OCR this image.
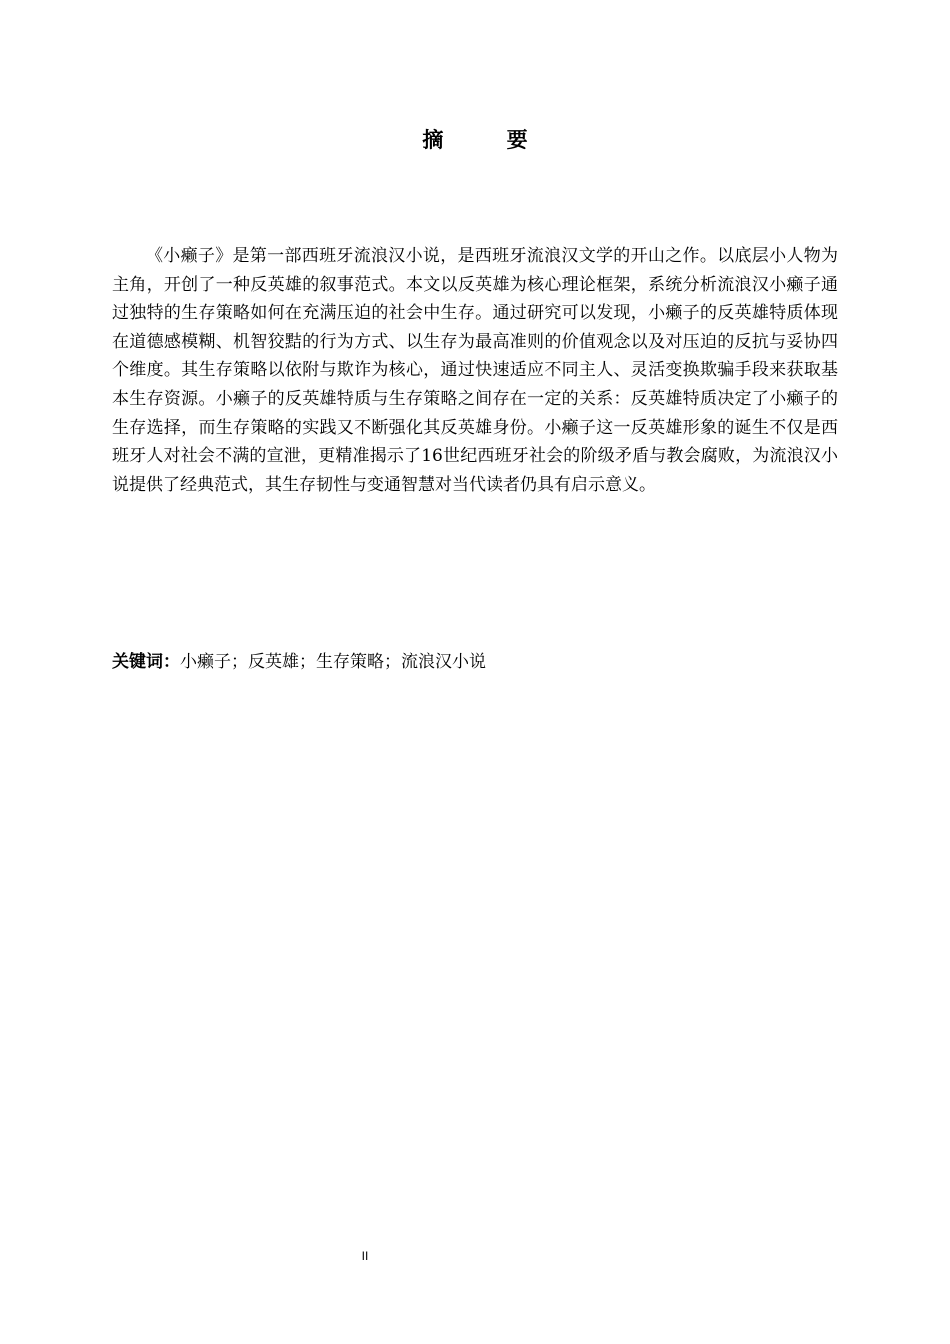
摘 要

《小癞子》是第一部西班牙流浪汉小说，是西班牙流浪汉文学的开山之作。以底层小人物为主角，开创了一种反英雄的叙事范式。本文以反英雄为核心理论框架，系统分析流浪汉小癞子通过独特的生存策略如何在充满压迫的社会中生存。通过研究可以发现，小癞子的反英雄特质体现在道德感模糊、机智狡黠的行为方式、以生存为最高准则的价值观念以及对压迫的反抗与妥协四个维度。其生存策略以依附与欺诈为核心，通过快速适应不同主人、灵活变换欺骗手段来获取基本生存资源。小癞子的反英雄特质与生存策略之间存在一定的关系：反英雄特质决定了小癞子的生存选择，而生存策略的实践又不断强化其反英雄身份。小癞子这一反英雄形象的诞生不仅是西班牙人对社会不满的宣泄，更精准揭示了16世纪西班牙社会的阶级矛盾与教会腐败，为流浪汉小说提供了经典范式，其生存韧性与变通智慧对当代读者仍具有启示意义。

关键词：小癞子；反英雄；生存策略；流浪汉小说

II
